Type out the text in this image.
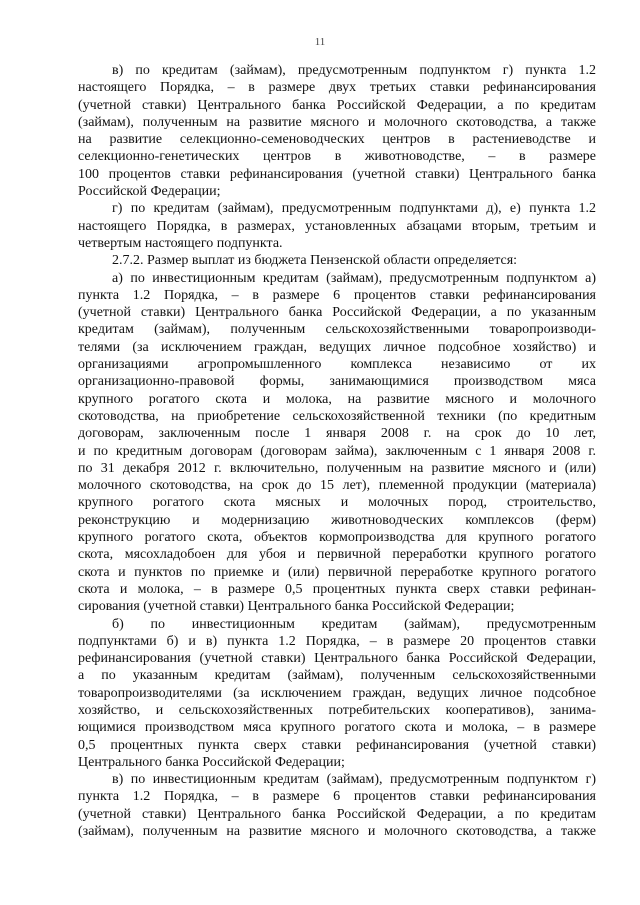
11
в) по кредитам (займам), предусмотренным подпунктом г) пункта 1.2
настоящего Порядка, – в размере двух третьих ставки рефинансирования
(учетной ставки) Центрального банка Российской Федерации, а по кредитам
(займам), полученным на развитие мясного и молочного скотоводства, а также
на развитие селекционно-семеноводческих центров в растениеводстве и
селекционно-генетических центров в животноводстве, – в размере
100 процентов ставки рефинансирования (учетной ставки) Центрального банка
Российской Федерации;
г) по кредитам (займам), предусмотренным подпунктами д), е) пункта 1.2
настоящего Порядка, в размерах, установленных абзацами вторым, третьим и
четвертым настоящего подпункта.
2.7.2. Размер выплат из бюджета Пензенской области определяется:
а) по инвестиционным кредитам (займам), предусмотренным подпунктом а)
пункта 1.2 Порядка, – в размере 6 процентов ставки рефинансирования
(учетной ставки) Центрального банка Российской Федерации, а по указанным
кредитам (займам), полученным сельскохозяйственными товаропроизводи-
телями (за исключением граждан, ведущих личное подсобное хозяйство) и
организациями агропромышленного комплекса независимо от их
организационно-правовой формы, занимающимися производством мяса
крупного рогатого скота и молока, на развитие мясного и молочного
скотоводства, на приобретение сельскохозяйственной техники (по кредитным
договорам, заключенным после 1 января 2008 г. на срок до 10 лет,
и по кредитным договорам (договорам займа), заключенным с 1 января 2008 г.
по 31 декабря 2012 г. включительно, полученным на развитие мясного и (или)
молочного скотоводства, на срок до 15 лет), племенной продукции (материала)
крупного рогатого скота мясных и молочных пород, строительство,
реконструкцию и модернизацию животноводческих комплексов (ферм)
крупного рогатого скота, объектов кормопроизводства для крупного рогатого
скота, мясохладобоен для убоя и первичной переработки крупного рогатого
скота и пунктов по приемке и (или) первичной переработке крупного рогатого
скота и молока, – в размере 0,5 процентных пункта сверх ставки рефинан-
сирования (учетной ставки) Центрального банка Российской Федерации;
б) по инвестиционным кредитам (займам), предусмотренным
подпунктами б) и в) пункта 1.2 Порядка, – в размере 20 процентов ставки
рефинансирования (учетной ставки) Центрального банка Российской Федерации,
а по указанным кредитам (займам), полученным сельскохозяйственными
товаропроизводителями (за исключением граждан, ведущих личное подсобное
хозяйство, и сельскохозяйственных потребительских кооперативов), занима-
ющимися производством мяса крупного рогатого скота и молока, – в размере
0,5 процентных пункта сверх ставки рефинансирования (учетной ставки)
Центрального банка Российской Федерации;
в) по инвестиционным кредитам (займам), предусмотренным подпунктом г)
пункта 1.2 Порядка, – в размере 6 процентов ставки рефинансирования
(учетной ставки) Центрального банка Российской Федерации, а по кредитам
(займам), полученным на развитие мясного и молочного скотоводства, а также
